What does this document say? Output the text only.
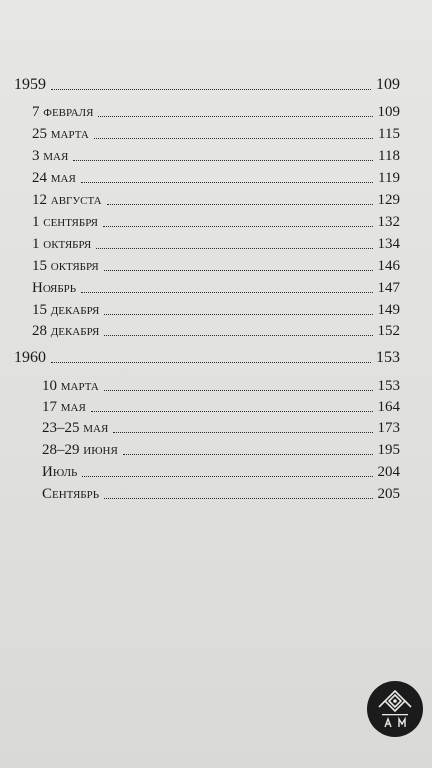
1959	109
7 февраля	109
25 марта	115
3 мая	118
24 мая	119
12 августа	129
1 сентября	132
1 октября	134
15 октября	146
Ноябрь	147
15 декабря	149
28 декабря	152
1960	153
10 марта	153
17 мая	164
23–25 мая	173
28–29 июня	195
Июль	204
Сентябрь	205
